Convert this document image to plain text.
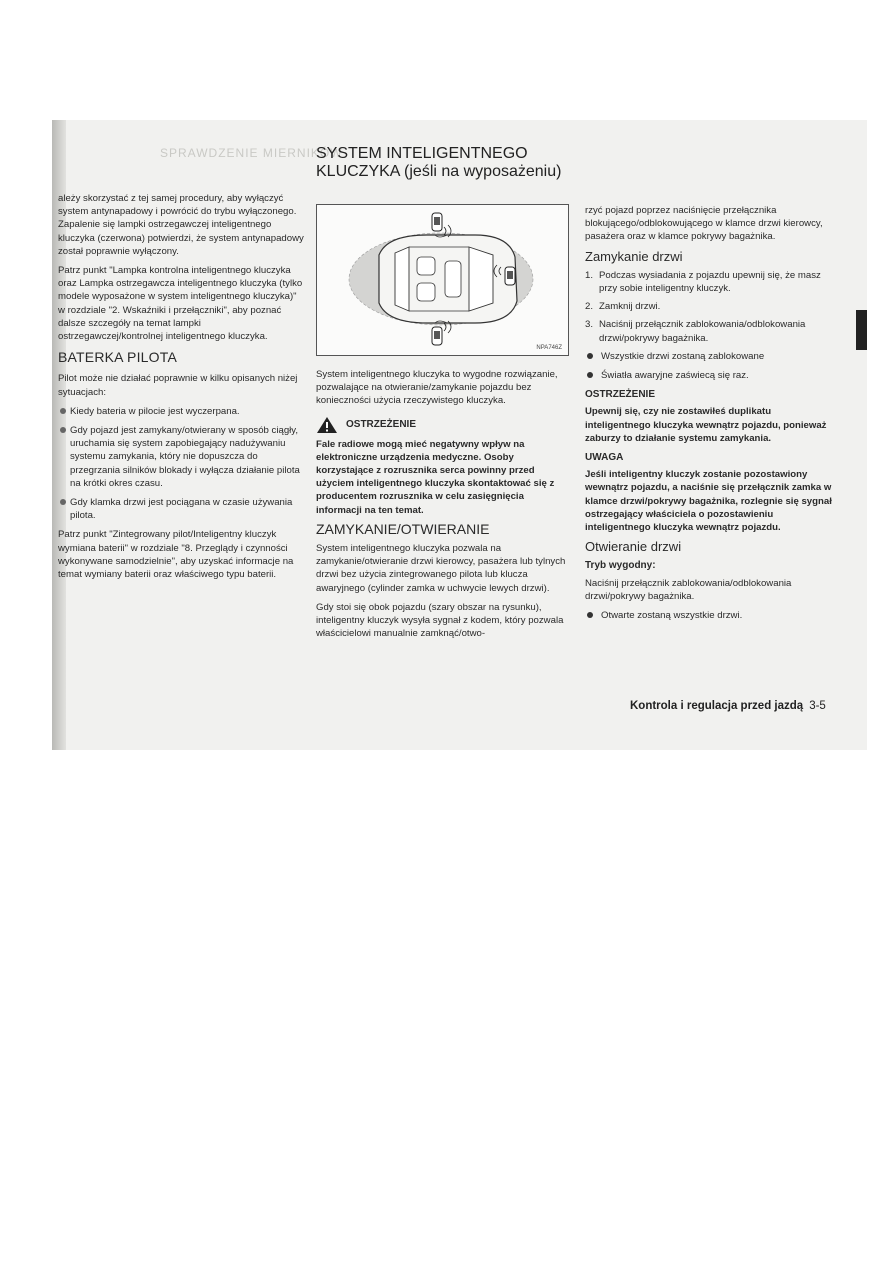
SPRAWDZENIE MIERNIKÓW

ależy skorzystać z tej samej procedury, aby wyłączyć system antynapadowy i powrócić do trybu wyłączonego. Zapalenie się lampki ostrzegawczej inteligentnego kluczyka (czerwona) potwierdzi, że system antynapadowy został poprawnie wyłączony.

Patrz punkt "Lampka kontrolna inteligentnego kluczyka oraz Lampka ostrzegawcza inteligentnego kluczyka (tylko modele wyposażone w system inteligentnego kluczyka)" w rozdziale "2. Wskaźniki i przełączniki", aby poznać dalsze szczegóły na temat lampki ostrzegawczej/kontrolnej inteligentnego kluczyka.

BATERKA PILOTA

Pilot może nie działać poprawnie w kilku opisanych niżej sytuacjach:

Kiedy bateria w pilocie jest wyczerpana.
Gdy pojazd jest zamykany/otwierany w sposób ciągły, uruchamia się system zapobiegający nadużywaniu systemu zamykania, który nie dopuszcza do przegrzania silników blokady i wyłącza działanie pilota na krótki okres czasu.
Gdy klamka drzwi jest pociągana w czasie używania pilota.

Patrz punkt "Zintegrowany pilot/Inteligentny kluczyk wymiana baterii" w rozdziale "8. Przeglądy i czynności wykonywane samodzielnie", aby uzyskać informacje na temat wymiany baterii oraz właściwego typu baterii.

SYSTEM INTELIGENTNEGO
KLUCZYKA (jeśli na wyposażeniu)
NPA746Z

System inteligentnego kluczyka to wygodne rozwiązanie, pozwalające na otwieranie/zamykanie pojazdu bez konieczności użycia rzeczywistego kluczyka.

OSTRZEŻENIE

Fale radiowe mogą mieć negatywny wpływ na elektroniczne urządzenia medyczne. Osoby korzystające z rozrusznika serca powinny przed użyciem inteligentnego kluczyka skontaktować się z producentem rozrusznika w celu zasięgnięcia informacji na ten temat.

ZAMYKANIE/OTWIERANIE

System inteligentnego kluczyka pozwala na zamykanie/otwieranie drzwi kierowcy, pasażera lub tylnych drzwi bez użycia zintegrowanego pilota lub klucza awaryjnego (cylinder zamka w uchwycie lewych drzwi).

Gdy stoi się obok pojazdu (szary obszar na rysunku), inteligentny kluczyk wysyła sygnał z kodem, który pozwala właścicielowi manualnie zamknąć/otwo-

rzyć pojazd poprzez naciśnięcie przełącznika blokującego/odblokowującego w klamce drzwi kierowcy, pasażera oraz w klamce pokrywy bagażnika.

Zamykanie drzwi
1. Podczas wysiadania z pojazdu upewnij się, że masz przy sobie inteligentny kluczyk.
2. Zamknij drzwi.
3. Naciśnij przełącznik zablokowania/odblokowania drzwi/pokrywy bagażnika.
Wszystkie drzwi zostaną zablokowane
Światła awaryjne zaświecą się raz.
OSTRZEŻENIE

Upewnij się, czy nie zostawiłeś duplikatu inteligentnego kluczyka wewnątrz pojazdu, ponieważ zaburzy to działanie systemu zamykania.

UWAGA

Jeśli inteligentny kluczyk zostanie pozostawiony wewnątrz pojazdu, a naciśnie się przełącznik zamka w klamce drzwi/pokrywy bagażnika, rozlegnie się sygnał ostrzegający właściciela o pozostawieniu inteligentnego kluczyka wewnątrz pojazdu.

Otwieranie drzwi
Tryb wygodny:

Naciśnij przełącznik zablokowania/odblokowania drzwi/pokrywy bagażnika.

Otwarte zostaną wszystkie drzwi.
Kontrola i regulacja przed jazdą 3-5
